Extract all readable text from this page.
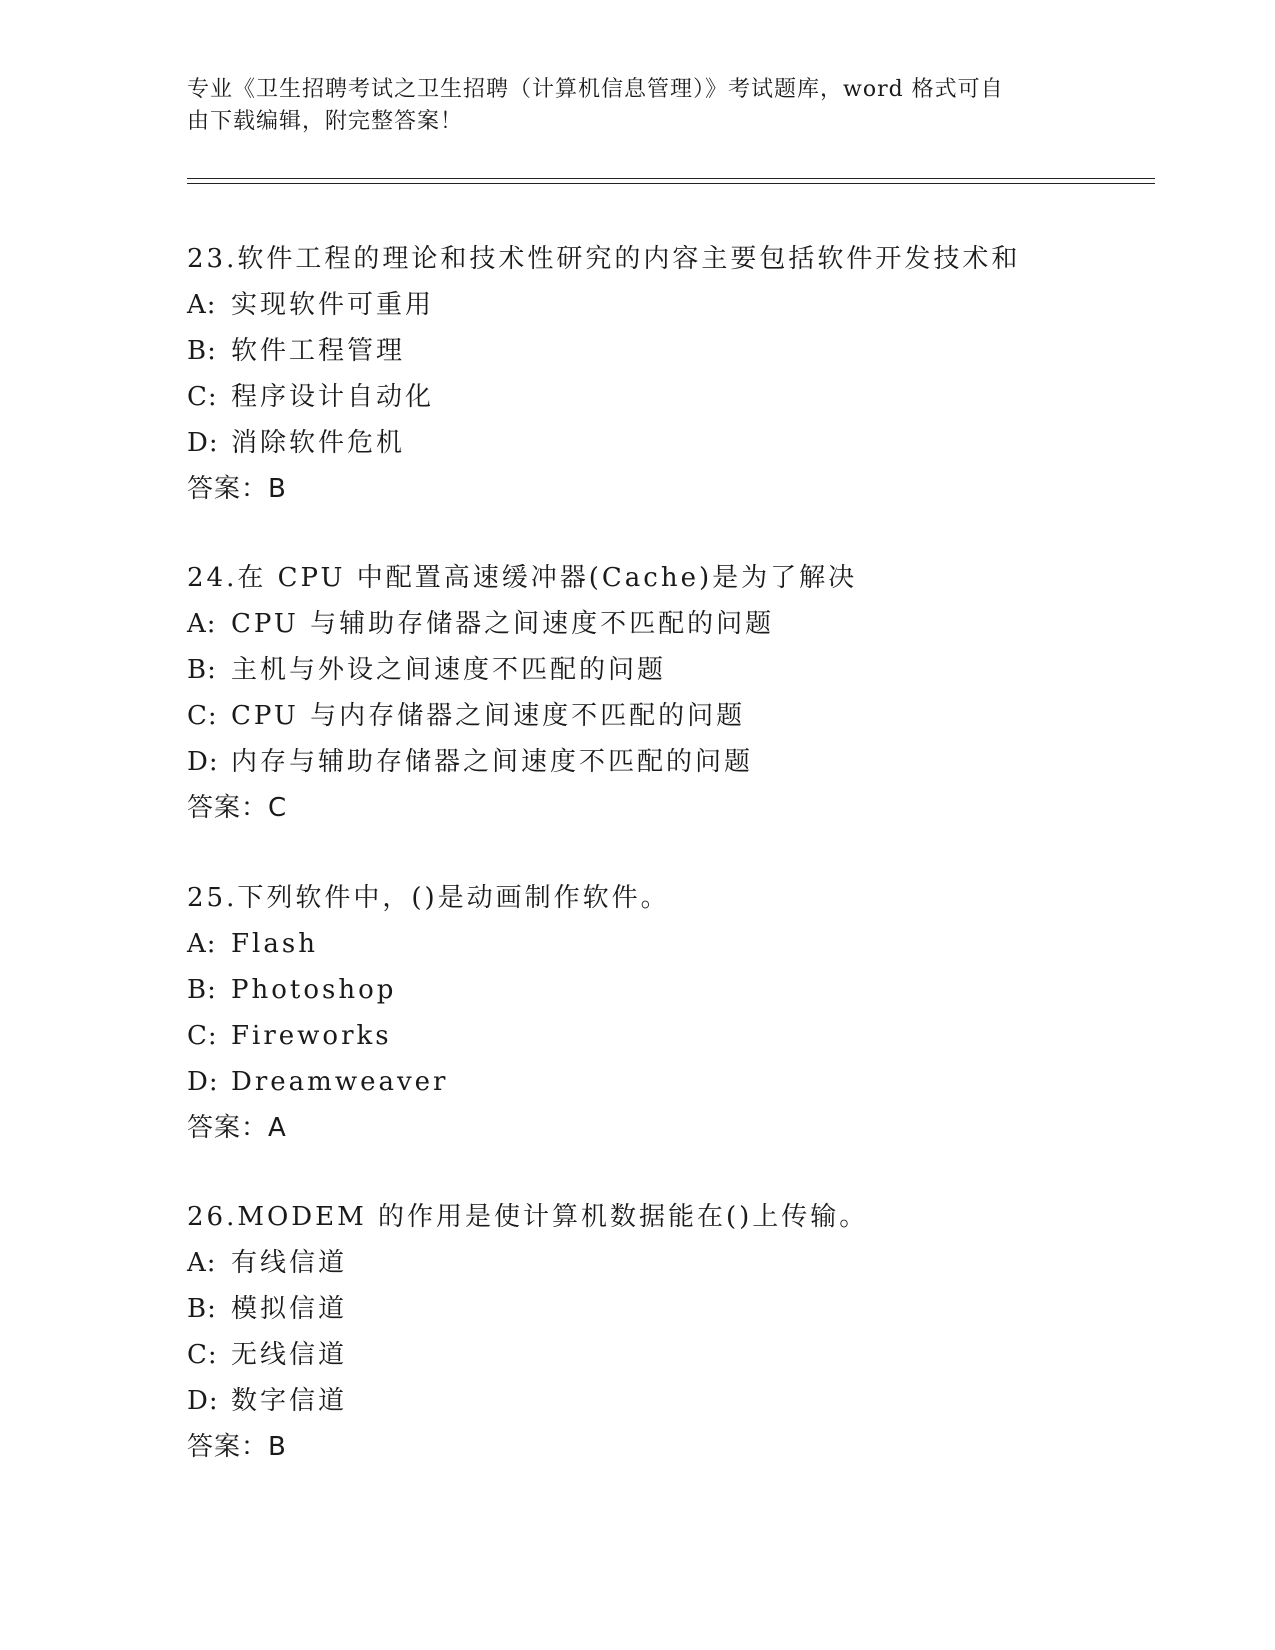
专业《卫生招聘考试之卫生招聘（计算机信息管理）》考试题库，word 格式可自
由下载编辑，附完整答案！
23.软件工程的理论和技术性研究的内容主要包括软件开发技术和
A: 实现软件可重用
B: 软件工程管理
C: 程序设计自动化
D: 消除软件危机
答案：B
24.在 CPU 中配置高速缓冲器(Cache)是为了解决
A: CPU 与辅助存储器之间速度不匹配的问题
B: 主机与外设之间速度不匹配的问题
C: CPU 与内存储器之间速度不匹配的问题
D: 内存与辅助存储器之间速度不匹配的问题
答案：C
25.下列软件中，()是动画制作软件。
A: Flash
B: Photoshop
C: Fireworks
D: Dreamweaver
答案：A
26.MODEM 的作用是使计算机数据能在()上传输。
A: 有线信道
B: 模拟信道
C: 无线信道
D: 数字信道
答案：B
